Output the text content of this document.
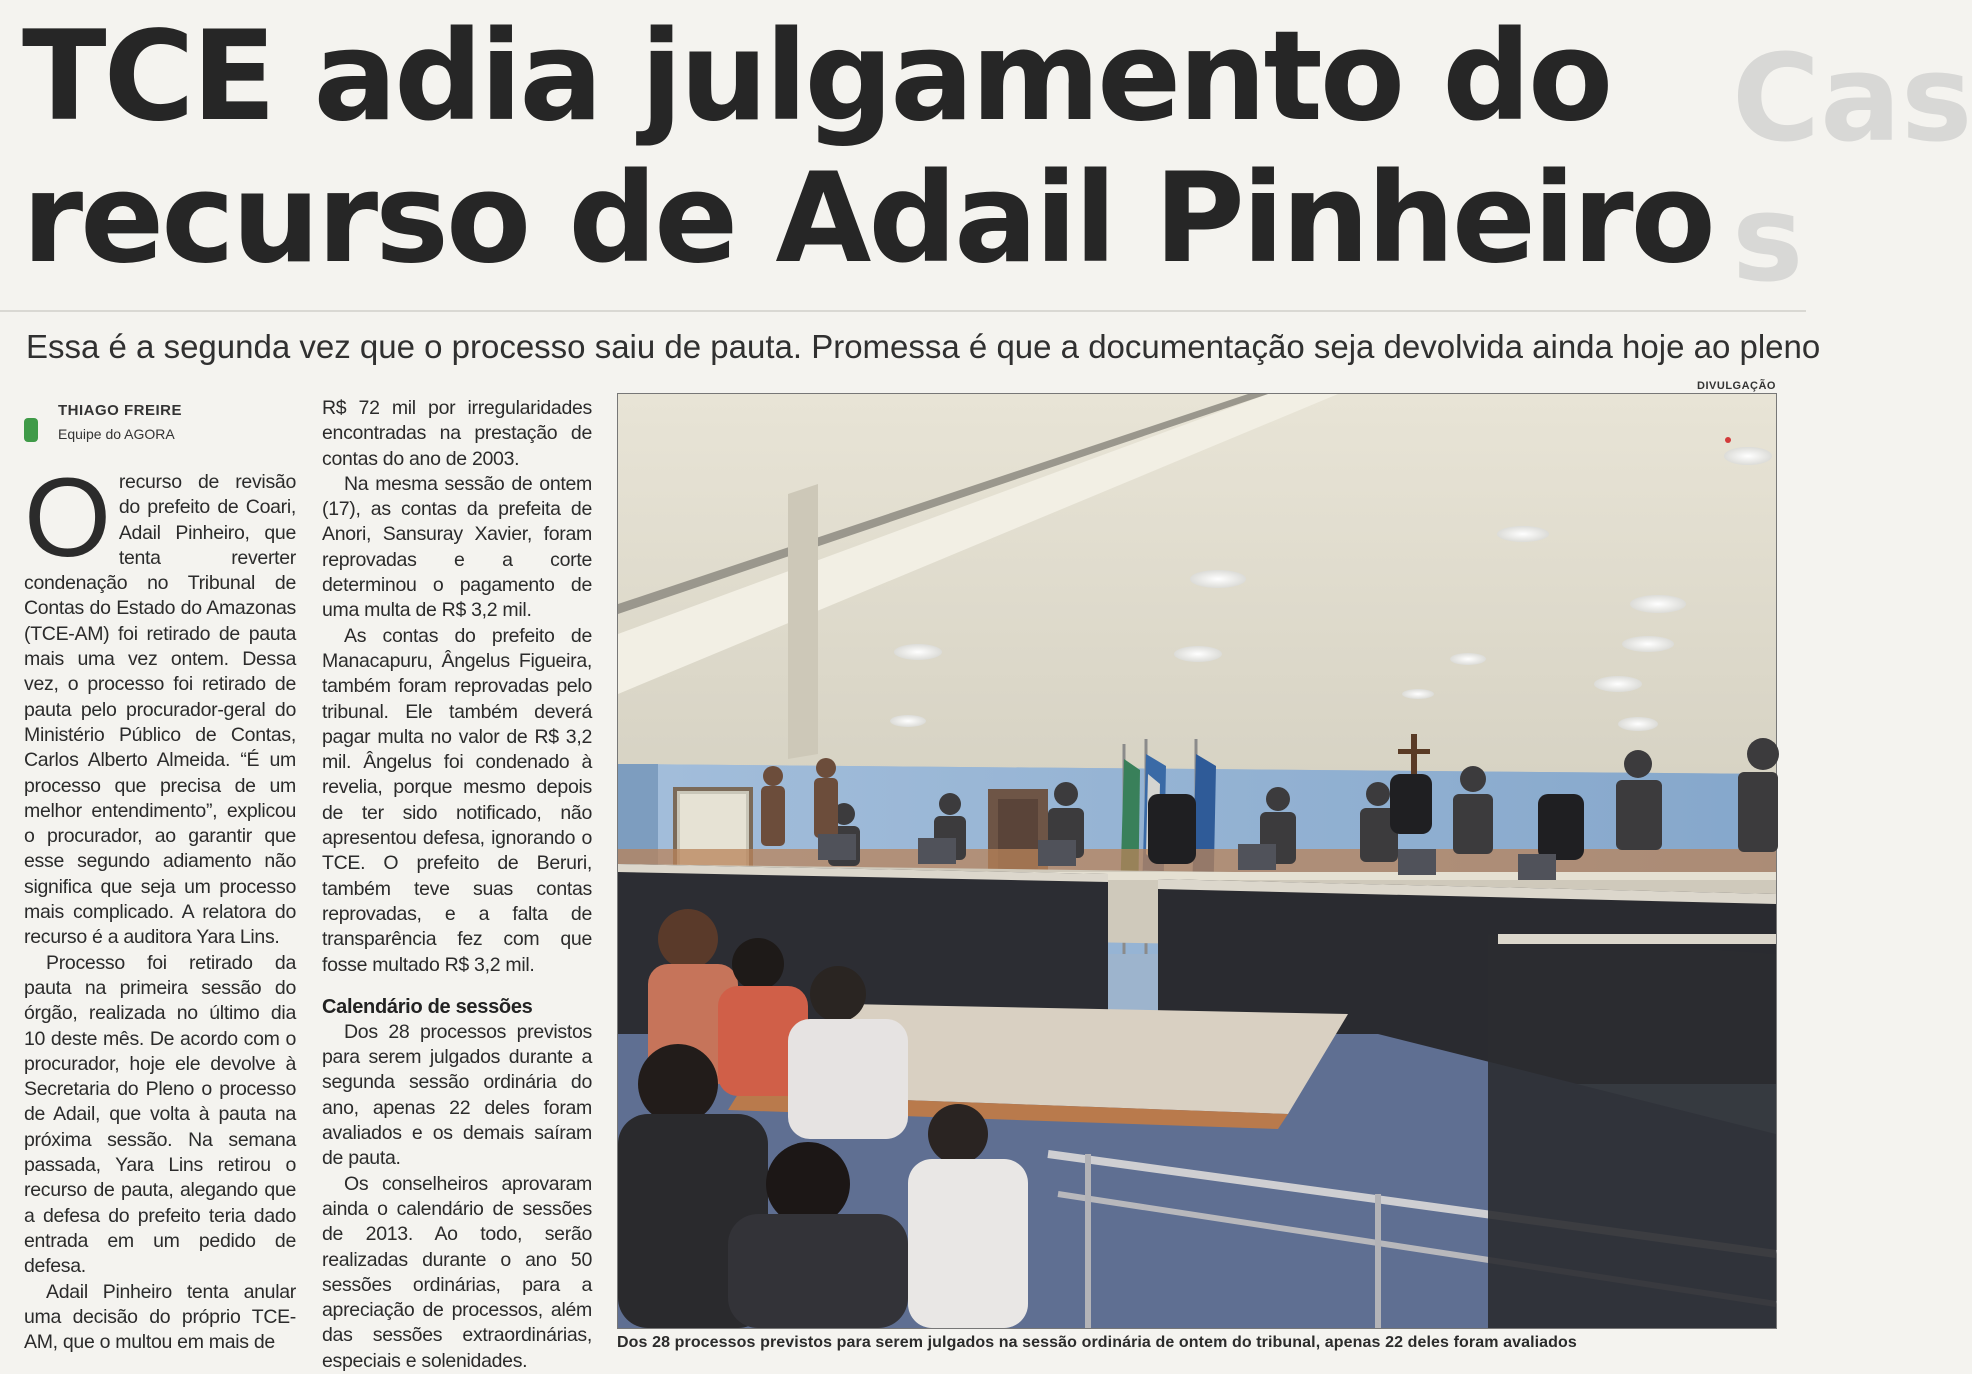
TCE adia julgamento do recurso de Adail Pinheiro
Cas
s

Essa é a segunda vez que o processo saiu de pauta. Promessa é que a documentação seja devolvida ainda hoje ao pleno

DIVULGAÇÃO
THIAGO FREIRE
Equipe do AGORA

Orecurso de revisão do prefeito de Coari, Adail Pinheiro, que tenta reverter condenação no Tribunal de Contas do Estado do Amazonas (TCE-AM) foi retirado de pauta mais uma vez ontem. Dessa vez, o processo foi retirado de pauta pelo procurador-geral do Ministério Público de Contas, Carlos Alberto Almeida. “É um processo que precisa de um melhor entendimento”, explicou o procurador, ao garantir que esse segundo adiamento não significa que seja um processo mais complicado. A relatora do recurso é a auditora Yara Lins.

Processo foi retirado da pauta na primeira sessão do órgão, realizada no último dia 10 deste mês. De acordo com o procurador, hoje ele devolve à Secretaria do Pleno o processo de Adail, que volta à pauta na próxima sessão. Na semana passada, Yara Lins retirou o recurso de pauta, alegando que a defesa do prefeito teria dado entrada em um pedido de defesa.

Adail Pinheiro tenta anular uma decisão do próprio TCE-AM, que o multou em mais de

R$ 72 mil por irregularidades encontradas na prestação de contas do ano de 2003.

Na mesma sessão de ontem (17), as contas da prefeita de Anori, Sansuray Xavier, foram reprovadas e a corte determinou o pagamento de uma multa de R$ 3,2 mil.

As contas do prefeito de Manacapuru, Ângelus Figueira, também foram reprovadas pelo tribunal. Ele também deverá pagar multa no valor de R$ 3,2 mil. Ângelus foi condenado à revelia, porque mesmo depois de ter sido notificado, não apresentou defesa, ignorando o TCE. O prefeito de Beruri, também teve suas contas reprovadas, e a falta de transparência fez com que fosse multado R$ 3,2 mil.

Calendário de sessões

Dos 28 processos previstos para serem julgados durante a segunda sessão ordinária do ano, apenas 22 deles foram avaliados e os demais saíram de pauta.

Os conselheiros aprovaram ainda o calendário de sessões de 2013. Ao todo, serão realizadas durante o ano 50 sessões ordinárias, para a apreciação de processos, além das sessões extraordinárias, especiais e solenidades.

Dos 28 processos previstos para serem julgados na sessão ordinária de ontem do tribunal, apenas 22 deles foram avaliados
